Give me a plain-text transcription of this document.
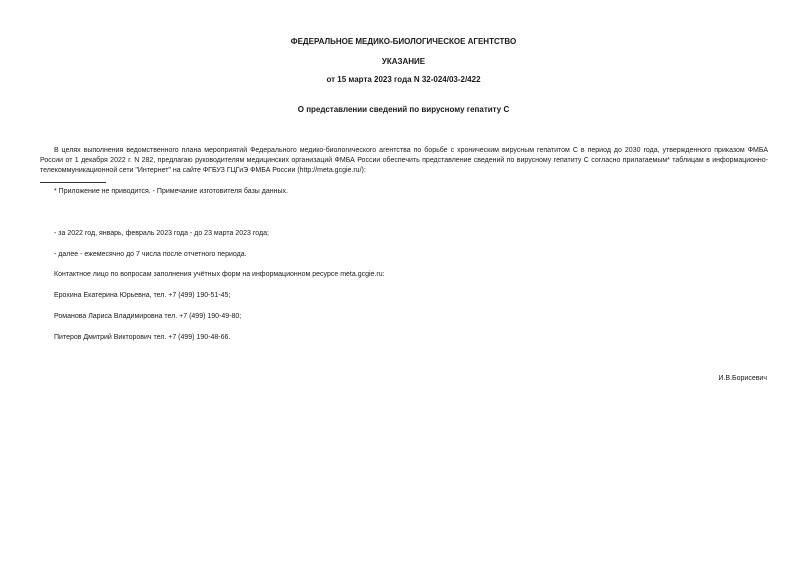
ФЕДЕРАЛЬНОЕ МЕДИКО-БИОЛОГИЧЕСКОЕ АГЕНТСТВО
УКАЗАНИЕ
от 15 марта 2023 года N 32-024/03-2/422
О представлении сведений по вирусному гепатиту С
В целях выполнения ведомственного плана мероприятий Федерального медико-биологического агентства по борьбе с хроническим вирусным гепатитом С в период до 2030 года, утвержденного приказом ФМБА России от 1 декабря 2022 г. N 282, предлагаю руководителям медицинских организаций ФМБА России обеспечить представление сведений по вирусному гепатиту С согласно прилагаемым* таблицам в информационно-телекоммуникационной сети "Интернет" на сайте ФГБУЗ ГЦГиЭ ФМБА России (http://meta.gcgie.ru/):
* Приложение не приводится. - Примечание изготовителя базы данных.
- за 2022 год, январь, февраль 2023 года - до 23 марта 2023 года;
- далее - ежемесячно до 7 числа после отчетного периода.
Контактное лицо по вопросам заполнения учётных форм на информационном ресурсе meta.gcgie.ru:
Ерохина Екатерина Юрьевна, тел. +7 (499) 190-51-45;
Романова Лариса Владимировна тел. +7 (499) 190-49-80;
Питеров Дмитрий Викторович тел. +7 (499) 190-48-66.
И.В.Борисевич
